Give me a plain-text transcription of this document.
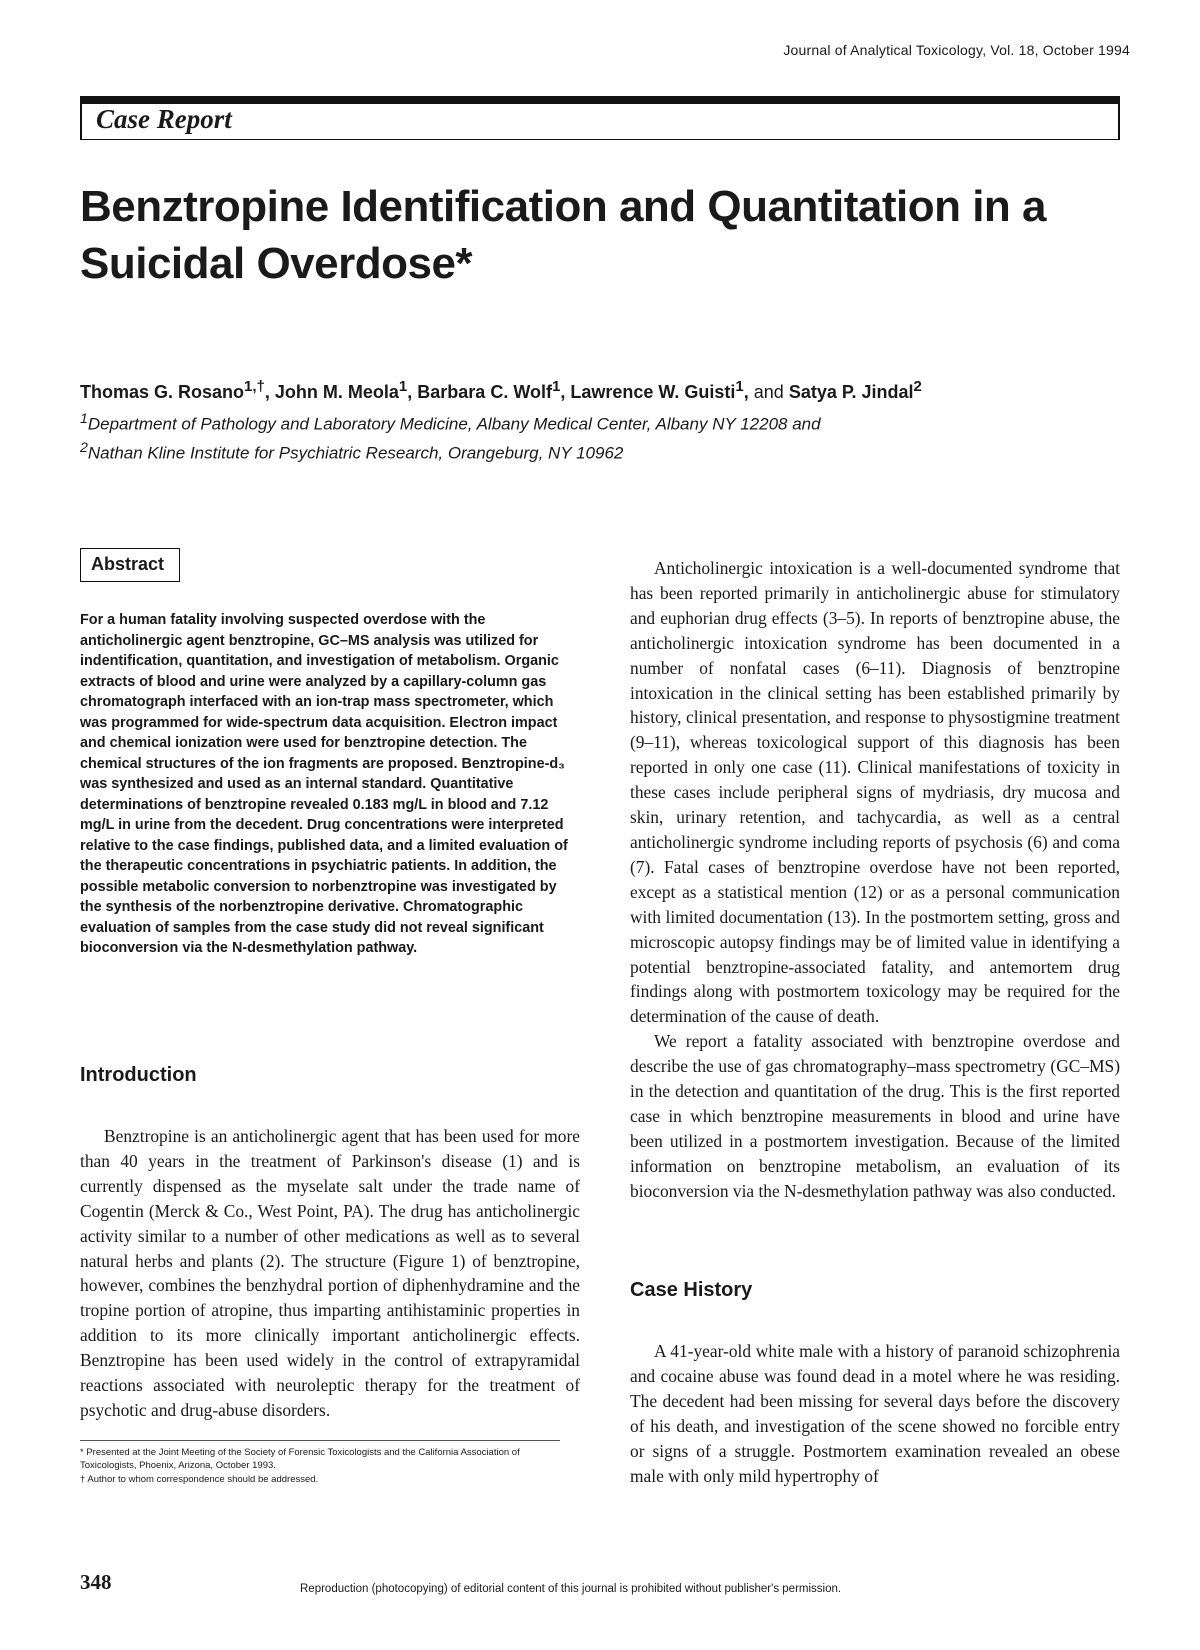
Journal of Analytical Toxicology, Vol. 18, October 1994
Case Report
Benztropine Identification and Quantitation in a
Suicidal Overdose*
Thomas G. Rosano$^{1,\dagger}$, John M. Meola$^1$, Barbara C. Wolf$^1$, Lawrence W. Guisti$^1$, and Satya P. Jindal$^2$
$^1$Department of Pathology and Laboratory Medicine, Albany Medical Center, Albany NY 12208 and
$^2$Nathan Kline Institute for Psychiatric Research, Orangeburg, NY 10962
Abstract
For a human fatality involving suspected overdose with the anticholinergic agent benztropine, GC–MS analysis was utilized for indentification, quantitation, and investigation of metabolism. Organic extracts of blood and urine were analyzed by a capillary-column gas chromatograph interfaced with an ion-trap mass spectrometer, which was programmed for wide-spectrum data acquisition. Electron impact and chemical ionization were used for benztropine detection. The chemical structures of the ion fragments are proposed. Benztropine-d₃ was synthesized and used as an internal standard. Quantitative determinations of benztropine revealed 0.183 mg/L in blood and 7.12 mg/L in urine from the decedent. Drug concentrations were interpreted relative to the case findings, published data, and a limited evaluation of the therapeutic concentrations in psychiatric patients. In addition, the possible metabolic conversion to norbenztropine was investigated by the synthesis of the norbenztropine derivative. Chromatographic evaluation of samples from the case study did not reveal significant bioconversion via the N-desmethylation pathway.
Introduction
Benztropine is an anticholinergic agent that has been used for more than 40 years in the treatment of Parkinson's disease (1) and is currently dispensed as the myselate salt under the trade name of Cogentin (Merck & Co., West Point, PA). The drug has anticholinergic activity similar to a number of other medications as well as to several natural herbs and plants (2). The structure (Figure 1) of benztropine, however, combines the benzhydral portion of diphenhydramine and the tropine portion of atropine, thus imparting antihistaminic properties in addition to its more clinically important anticholinergic effects. Benztropine has been used widely in the control of extrapyramidal reactions associated with neuroleptic therapy for the treatment of psychotic and drug-abuse disorders.

* Presented at the Joint Meeting of the Society of Forensic Toxicologists and the California Association of Toxicologists, Phoenix, Arizona, October 1993.

† Author to whom correspondence should be addressed.

Anticholinergic intoxication is a well-documented syndrome that has been reported primarily in anticholinergic abuse for stimulatory and euphorian drug effects (3–5). In reports of benztropine abuse, the anticholinergic intoxication syndrome has been documented in a number of nonfatal cases (6–11). Diagnosis of benztropine intoxication in the clinical setting has been established primarily by history, clinical presentation, and response to physostigmine treatment (9–11), whereas toxicological support of this diagnosis has been reported in only one case (11). Clinical manifestations of toxicity in these cases include peripheral signs of mydriasis, dry mucosa and skin, urinary retention, and tachycardia, as well as a central anticholinergic syndrome including reports of psychosis (6) and coma (7). Fatal cases of benztropine overdose have not been reported, except as a statistical mention (12) or as a personal communication with limited documentation (13). In the postmortem setting, gross and microscopic autopsy findings may be of limited value in identifying a potential benztropine-associated fatality, and antemortem drug findings along with postmortem toxicology may be required for the determination of the cause of death.

We report a fatality associated with benztropine overdose and describe the use of gas chromatography–mass spectrometry (GC–MS) in the detection and quantitation of the drug. This is the first reported case in which benztropine measurements in blood and urine have been utilized in a postmortem investigation. Because of the limited information on benztropine metabolism, an evaluation of its bioconversion via the N-desmethylation pathway was also conducted.

Case History

A 41-year-old white male with a history of paranoid schizophrenia and cocaine abuse was found dead in a motel where he was residing. The decedent had been missing for several days before the discovery of his death, and investigation of the scene showed no forcible entry or signs of a struggle. Postmortem examination revealed an obese male with only mild hypertrophy of

348	Reproduction (photocopying) of editorial content of this journal is prohibited without publisher's permission.
